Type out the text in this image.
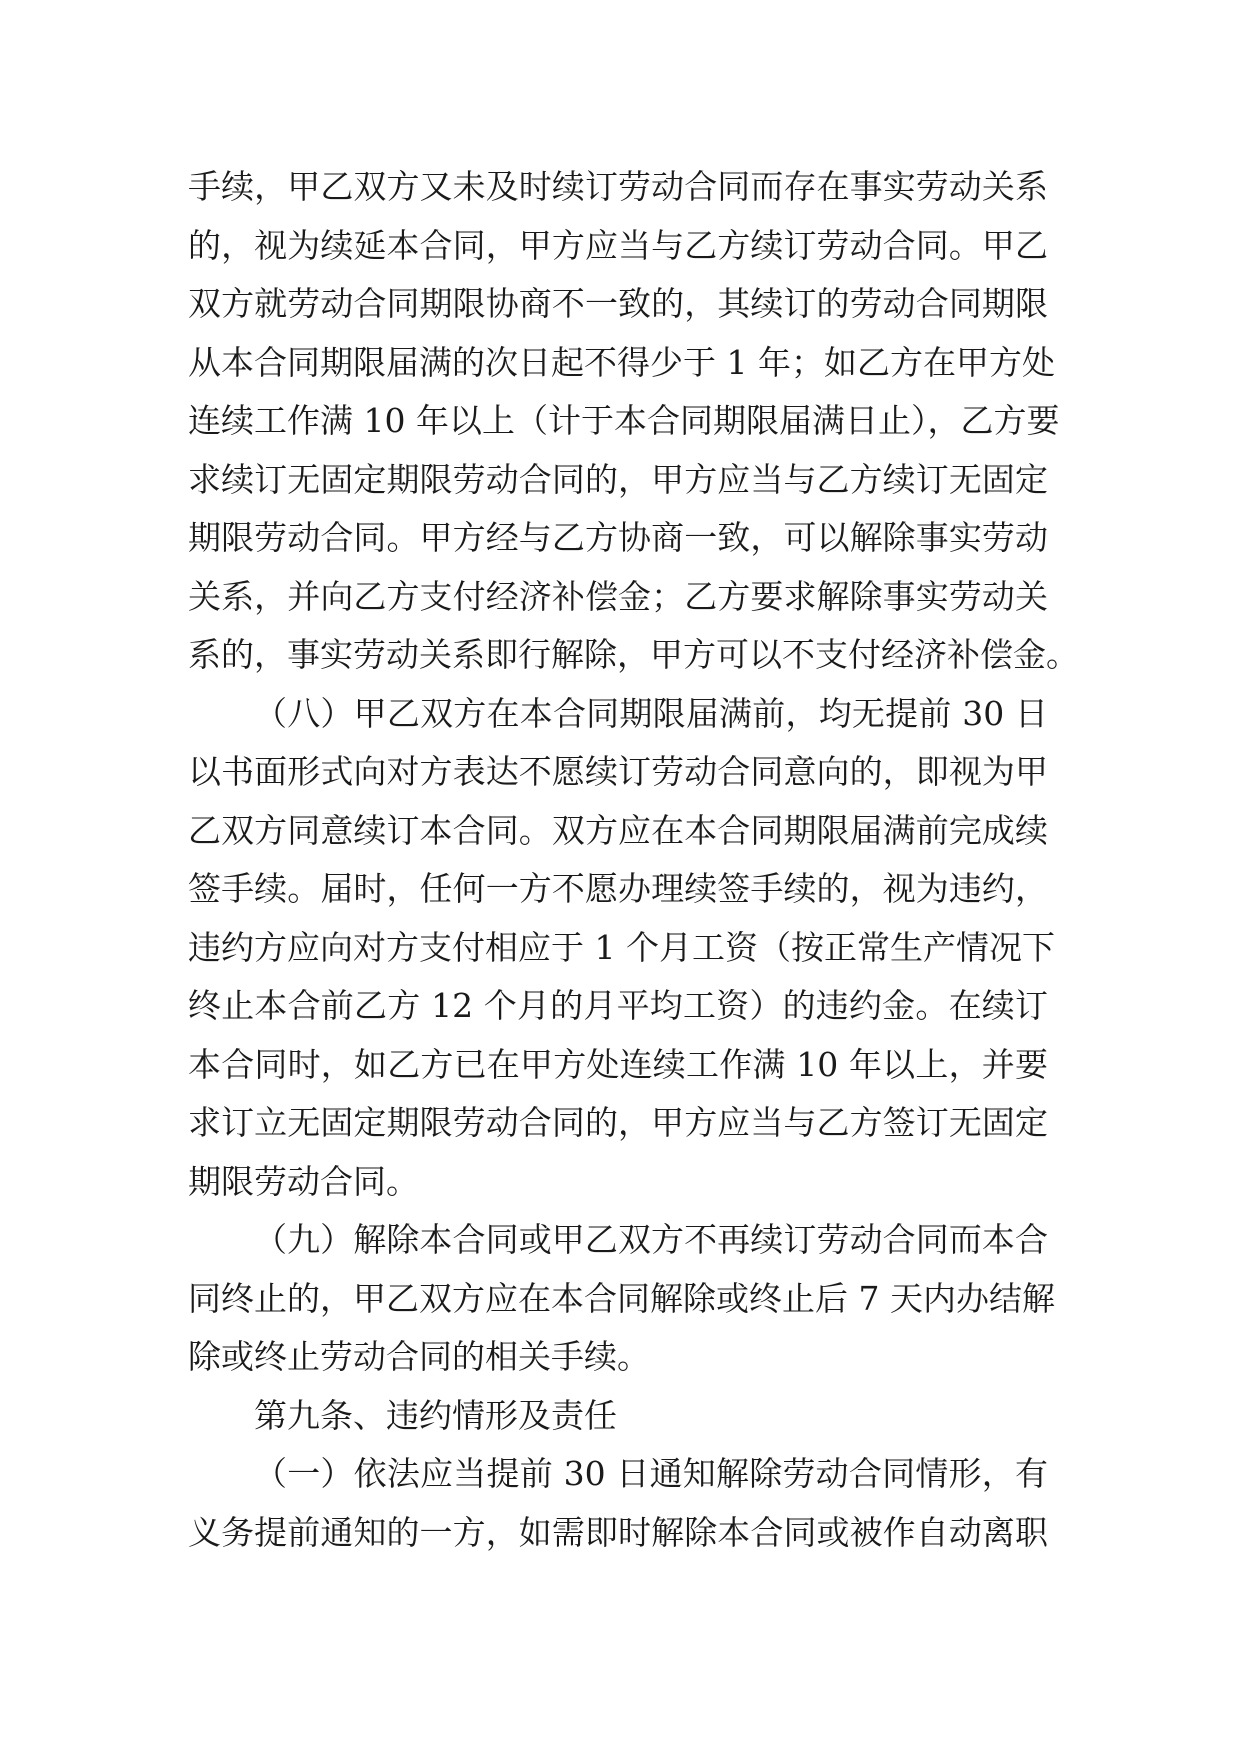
手续，甲乙双方又未及时续订劳动合同而存在事实劳动关系
的，视为续延本合同，甲方应当与乙方续订劳动合同。甲乙
双方就劳动合同期限协商不一致的，其续订的劳动合同期限
从本合同期限届满的次日起不得少于 1 年；如乙方在甲方处
连续工作满 10 年以上（计于本合同期限届满日止），乙方要
求续订无固定期限劳动合同的，甲方应当与乙方续订无固定
期限劳动合同。甲方经与乙方协商一致，可以解除事实劳动
关系，并向乙方支付经济补偿金；乙方要求解除事实劳动关
系的，事实劳动关系即行解除，甲方可以不支付经济补偿金。
（八）甲乙双方在本合同期限届满前，均无提前 30 日
以书面形式向对方表达不愿续订劳动合同意向的，即视为甲
乙双方同意续订本合同。双方应在本合同期限届满前完成续
签手续。届时，任何一方不愿办理续签手续的，视为违约，
违约方应向对方支付相应于 1 个月工资（按正常生产情况下
终止本合前乙方 12 个月的月平均工资）的违约金。在续订
本合同时，如乙方已在甲方处连续工作满 10 年以上，并要
求订立无固定期限劳动合同的，甲方应当与乙方签订无固定
期限劳动合同。
（九）解除本合同或甲乙双方不再续订劳动合同而本合
同终止的，甲乙双方应在本合同解除或终止后 7 天内办结解
除或终止劳动合同的相关手续。
第九条、违约情形及责任
（一）依法应当提前 30 日通知解除劳动合同情形，有
义务提前通知的一方，如需即时解除本合同或被作自动离职
